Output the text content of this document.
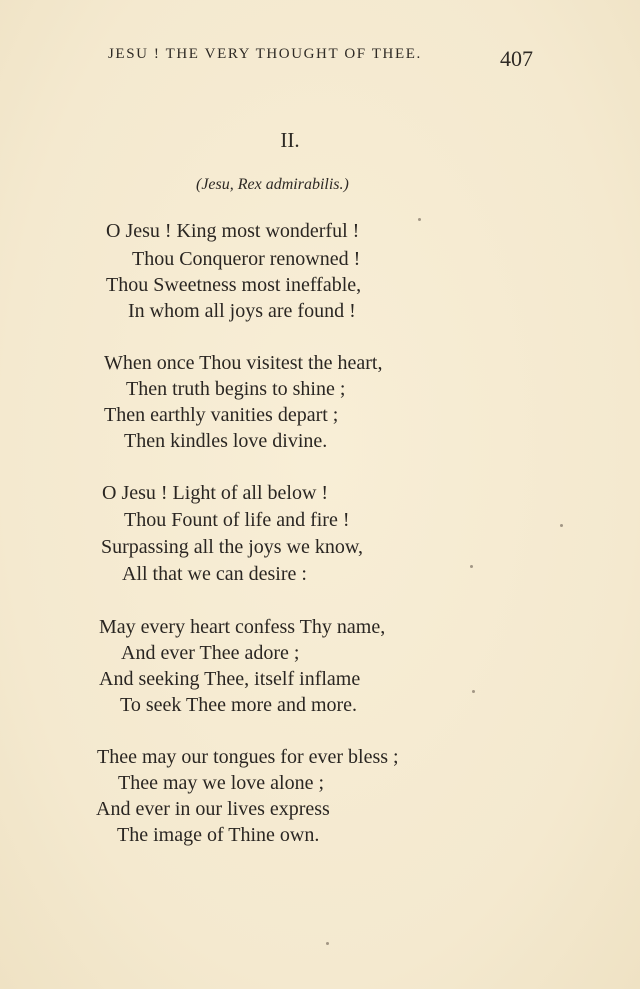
JESU ! THE VERY THOUGHT OF THEE.	407
II.
(Jesu, Rex admirabilis.)
O Jesu ! King most wonderful !
Thou Conqueror renowned !
Thou Sweetness most ineffable,
In whom all joys are found !
When once Thou visitest the heart,
Then truth begins to shine ;
Then earthly vanities depart ;
Then kindles love divine.
O Jesu ! Light of all below !
Thou Fount of life and fire !
Surpassing all the joys we know,
All that we can desire :
May every heart confess Thy name,
And ever Thee adore ;
And seeking Thee, itself inflame
To seek Thee more and more.
Thee may our tongues for ever bless ;
Thee may we love alone ;
And ever in our lives express
The image of Thine own.
